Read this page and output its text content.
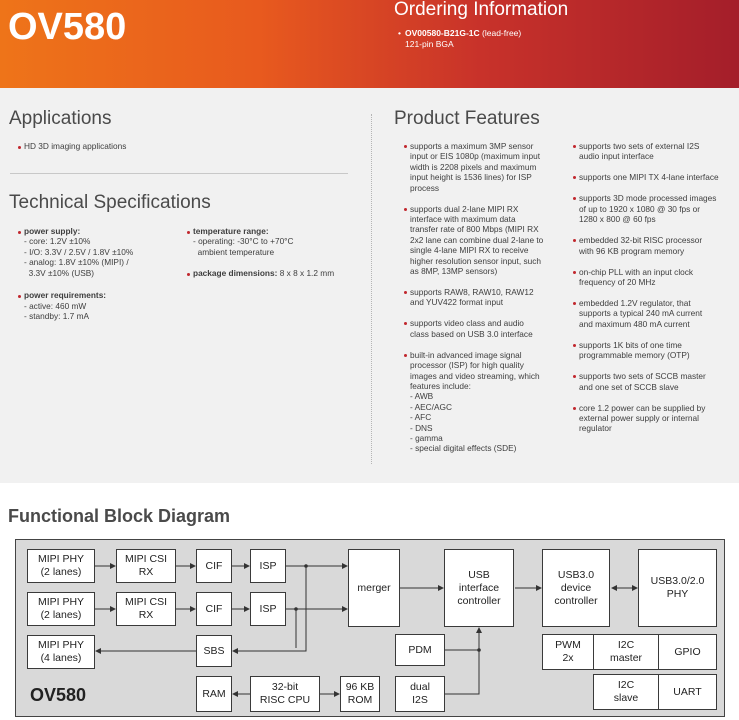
OV580	Ordering Information
• OV00580-B21G-1C (lead-free)
121-pin BGA
Applications
HD 3D imaging applications
Technical Specifications
power supply:
- core: 1.2V ±10%
- I/O: 3.3V / 2.5V / 1.8V ±10%
- analog: 1.8V ±10% (MIPI) /
3.3V ±10% (USB)
power requirements:
- active: 460 mW
- standby: 1.7 mA
temperature range:
- operating: -30°C to +70°C
ambient temperature
package dimensions: 8 x 8 x 1.2 mm
Product Features
supports a maximum 3MP sensor
input or EIS 1080p (maximum input
width is 2208 pixels and maximum
input height is 1536 lines) for ISP
process
supports dual 2-lane MIPI RX
interface with maximum data
transfer rate of 800 Mbps (MIPI RX
2x2 lane can combine dual 2-lane to
single 4-lane MIPI RX to receive
higher resolution sensor input, such
as 8MP, 13MP sensors)
supports RAW8, RAW10, RAW12
and YUV422 format input
supports video class and audio
class based on USB 3.0 interface
built-in advanced image signal
processor (ISP) for high quality
images and video streaming, which
features include:
- AWB
- AEC/AGC
- AFC
- DNS
- gamma
- special digital effects (SDE)
supports two sets of external I2S
audio input interface
supports one MIPI TX 4-lane interface
supports 3D mode processed images
of up to 1920 x 1080 @ 30 fps or
1280 x 800 @ 60 fps
embedded 32-bit RISC processor
with 96 KB program memory
on-chip PLL with an input clock
frequency of 20 MHz
embedded 1.2V regulator, that
supports a typical 240 mA current
and maximum 480 mA current
supports 1K bits of one time
programmable memory (OTP)
supports two sets of SCCB master
and one set of SCCB slave
core 1.2 power can be supplied by
external power supply or internal
regulator
Functional Block Diagram
MIPI PHY
(2 lanes)
MIPI CSI
RX
CIF	ISP
MIPI PHY
(2 lanes)
MIPI CSI
RX
CIF	ISP
MIPI PHY
(4 lanes)
SBS
merger
USB
interface
controller
USB3.0
device
controller
USB3.0/2.0
PHY
PDM
dual
I2S
RAM
32-bit
RISC CPU
96 KB
ROM
PWM
2x
I2C
master
GPIO
I2C
slave
UART
OV580
